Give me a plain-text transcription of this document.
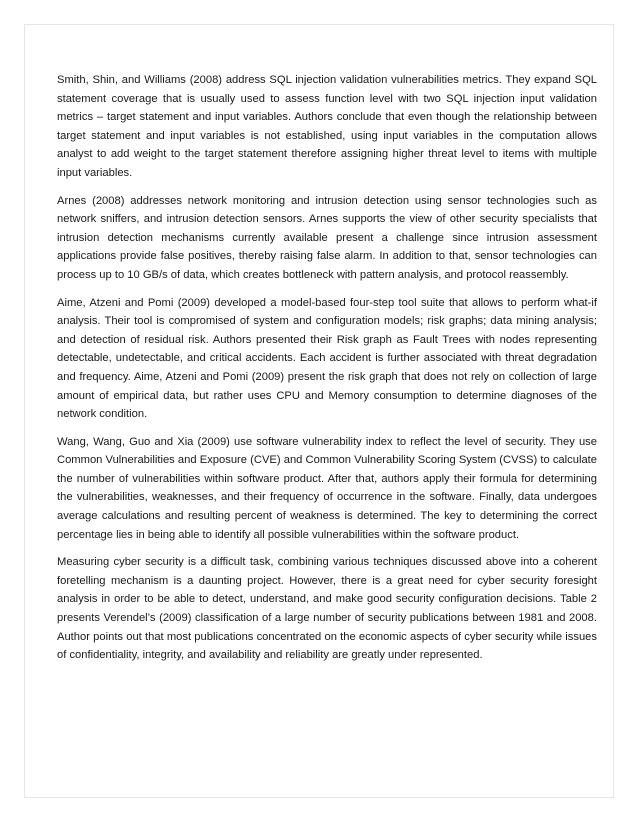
Smith, Shin, and Williams (2008) address SQL injection validation vulnerabilities metrics. They expand SQL statement coverage that is usually used to assess function level with two SQL injection input validation metrics – target statement and input variables. Authors conclude that even though the relationship between target statement and input variables is not established, using input variables in the computation allows analyst to add weight to the target statement therefore assigning higher threat level to items with multiple input variables.

Arnes (2008) addresses network monitoring and intrusion detection using sensor technologies such as network sniffers, and intrusion detection sensors. Arnes supports the view of other security specialists that intrusion detection mechanisms currently available present a challenge since intrusion assessment applications provide false positives, thereby raising false alarm. In addition to that, sensor technologies can process up to 10 GB/s of data, which creates bottleneck with pattern analysis, and protocol reassembly.

Aime, Atzeni and Pomi (2009) developed a model-based four-step tool suite that allows to perform what-if analysis. Their tool is compromised of system and configuration models; risk graphs; data mining analysis; and detection of residual risk. Authors presented their Risk graph as Fault Trees with nodes representing detectable, undetectable, and critical accidents. Each accident is further associated with threat degradation and frequency. Aime, Atzeni and Pomi (2009) present the risk graph that does not rely on collection of large amount of empirical data, but rather uses CPU and Memory consumption to determine diagnoses of the network condition.

Wang, Wang, Guo and Xia (2009) use software vulnerability index to reflect the level of security. They use Common Vulnerabilities and Exposure (CVE) and Common Vulnerability Scoring System (CVSS) to calculate the number of vulnerabilities within software product. After that, authors apply their formula for determining the vulnerabilities, weaknesses, and their frequency of occurrence in the software. Finally, data undergoes average calculations and resulting percent of weakness is determined. The key to determining the correct percentage lies in being able to identify all possible vulnerabilities within the software product.

Measuring cyber security is a difficult task, combining various techniques discussed above into a coherent foretelling mechanism is a daunting project. However, there is a great need for cyber security foresight analysis in order to be able to detect, understand, and make good security configuration decisions. Table 2 presents Verendel’s (2009) classification of a large number of security publications between 1981 and 2008. Author points out that most publications concentrated on the economic aspects of cyber security while issues of confidentiality, integrity, and availability and reliability are greatly under represented.
